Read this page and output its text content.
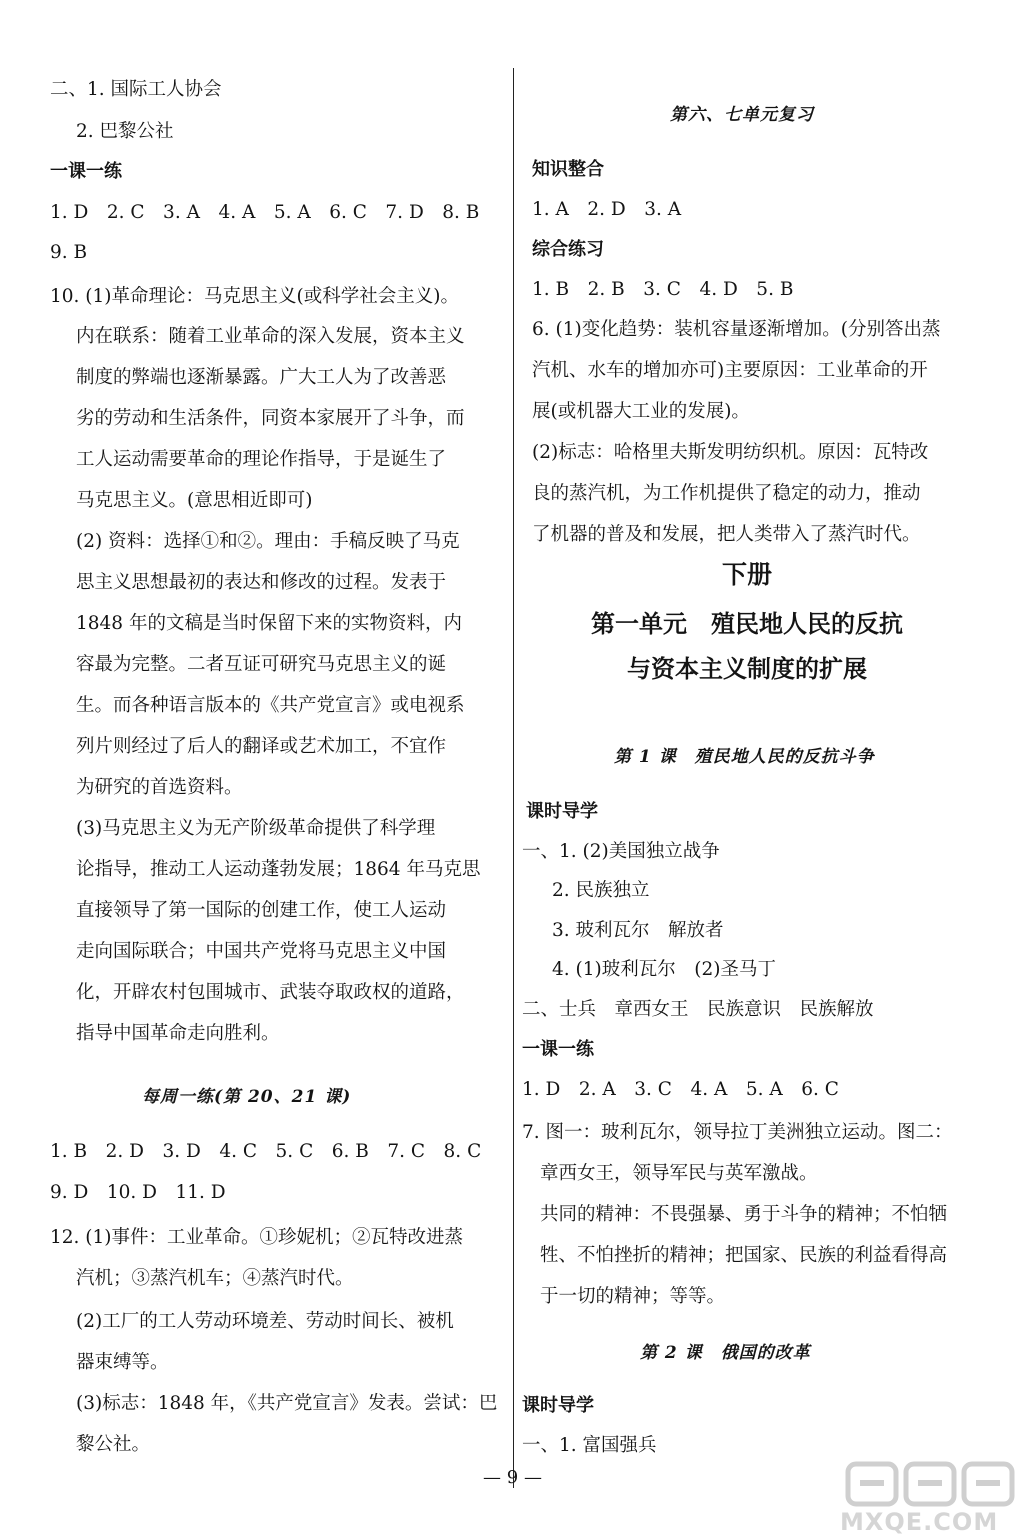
二、1. 国际工人协会
2. 巴黎公社
一课一练
1. D　2. C　3. A　4. A　5. A　6. C　7. D　8. B
9. B
10. (1)革命理论：马克思主义(或科学社会主义)。
内在联系：随着工业革命的深入发展，资本主义
制度的弊端也逐渐暴露。广大工人为了改善恶
劣的劳动和生活条件，同资本家展开了斗争，而
工人运动需要革命的理论作指导，于是诞生了
马克思主义。(意思相近即可)
(2) 资料：选择①和②。理由：手稿反映了马克
思主义思想最初的表达和修改的过程。发表于
1848 年的文稿是当时保留下来的实物资料，内
容最为完整。二者互证可研究马克思主义的诞
生。而各种语言版本的《共产党宣言》或电视系
列片则经过了后人的翻译或艺术加工，不宜作
为研究的首选资料。
(3)马克思主义为无产阶级革命提供了科学理
论指导，推动工人运动蓬勃发展；1864 年马克思
直接领导了第一国际的创建工作，使工人运动
走向国际联合；中国共产党将马克思主义中国
化，开辟农村包围城市、武装夺取政权的道路，
指导中国革命走向胜利。
每周一练(第 20、21 课)
1. B　2. D　3. D　4. C　5. C　6. B　7. C　8. C
9. D　10. D　11. D
12. (1)事件：工业革命。①珍妮机；②瓦特改进蒸
汽机；③蒸汽机车；④蒸汽时代。
(2)工厂的工人劳动环境差、劳动时间长、被机
器束缚等。
(3)标志：1848 年，《共产党宣言》发表。尝试：巴
黎公社。
第六、七单元复习
知识整合
1. A　2. D　3. A
综合练习
1. B　2. B　3. C　4. D　5. B
6. (1)变化趋势：装机容量逐渐增加。(分别答出蒸
汽机、水车的增加亦可)主要原因：工业革命的开
展(或机器大工业的发展)。
(2)标志：哈格里夫斯发明纺织机。原因：瓦特改
良的蒸汽机，为工作机提供了稳定的动力，推动
了机器的普及和发展，把人类带入了蒸汽时代。
下册
第一单元　殖民地人民的反抗
与资本主义制度的扩展
第 1 课　殖民地人民的反抗斗争
课时导学
一、1. (2)美国独立战争
2. 民族独立
3. 玻利瓦尔　解放者
4. (1)玻利瓦尔　(2)圣马丁
二、士兵　章西女王　民族意识　民族解放
一课一练
1. D　2. A　3. C　4. A　5. A　6. C
7. 图一：玻利瓦尔，领导拉丁美洲独立运动。图二：
章西女王，领导军民与英军激战。
共同的精神：不畏强暴、勇于斗争的精神；不怕牺
牲、不怕挫折的精神；把国家、民族的利益看得高
于一切的精神；等等。
第 2 课　俄国的改革
课时导学
一、1. 富国强兵
— 9 —
MXQE.COM
